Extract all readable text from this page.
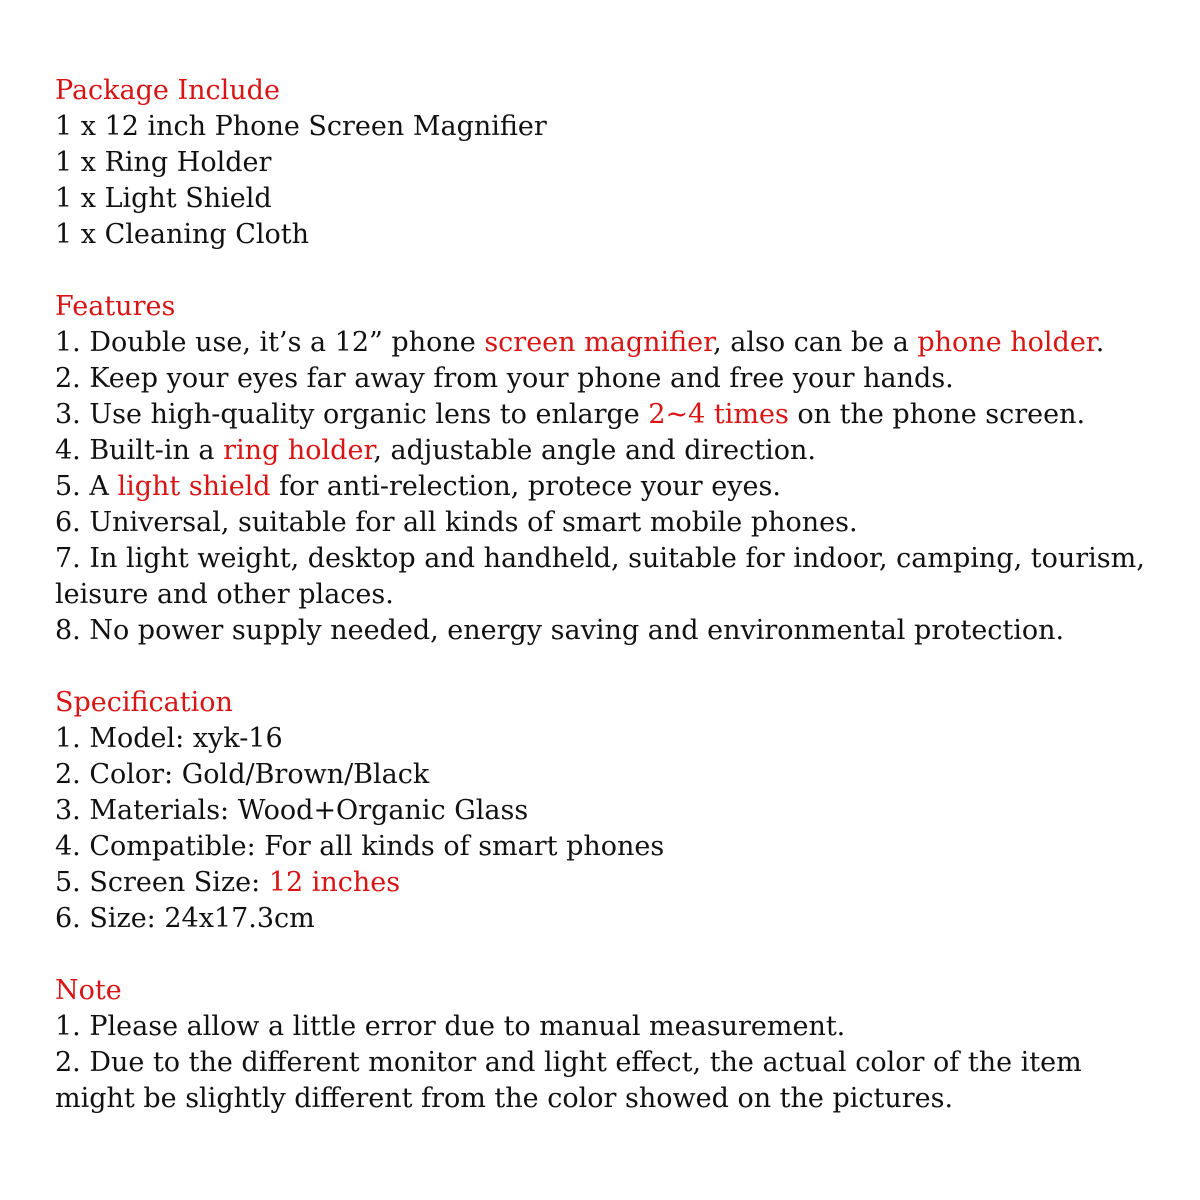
Package Include
1 x 12 inch Phone Screen Magnifier
1 x Ring Holder
1 x Light Shield
1 x Cleaning Cloth
Features
1. Double use, it’s a 12” phone screen magnifier, also can be a phone holder.
2. Keep your eyes far away from your phone and free your hands.
3. Use high-quality organic lens to enlarge 2~4 times on the phone screen.
4. Built-in a ring holder, adjustable angle and direction.
5. A light shield for anti-relection, protece your eyes.
6. Universal, suitable for all kinds of smart mobile phones.
7. In light weight, desktop and handheld, suitable for indoor, camping, tourism, leisure and other places.
8. No power supply needed, energy saving and environmental protection.
Specification
1. Model: xyk-16
2. Color: Gold/Brown/Black
3. Materials: Wood+Organic Glass
4. Compatible: For all kinds of smart phones
5. Screen Size: 12 inches
6. Size: 24x17.3cm
Note
1. Please allow a little error due to manual measurement.
2. Due to the different monitor and light effect, the actual color of the item might be slightly different from the color showed on the pictures.
